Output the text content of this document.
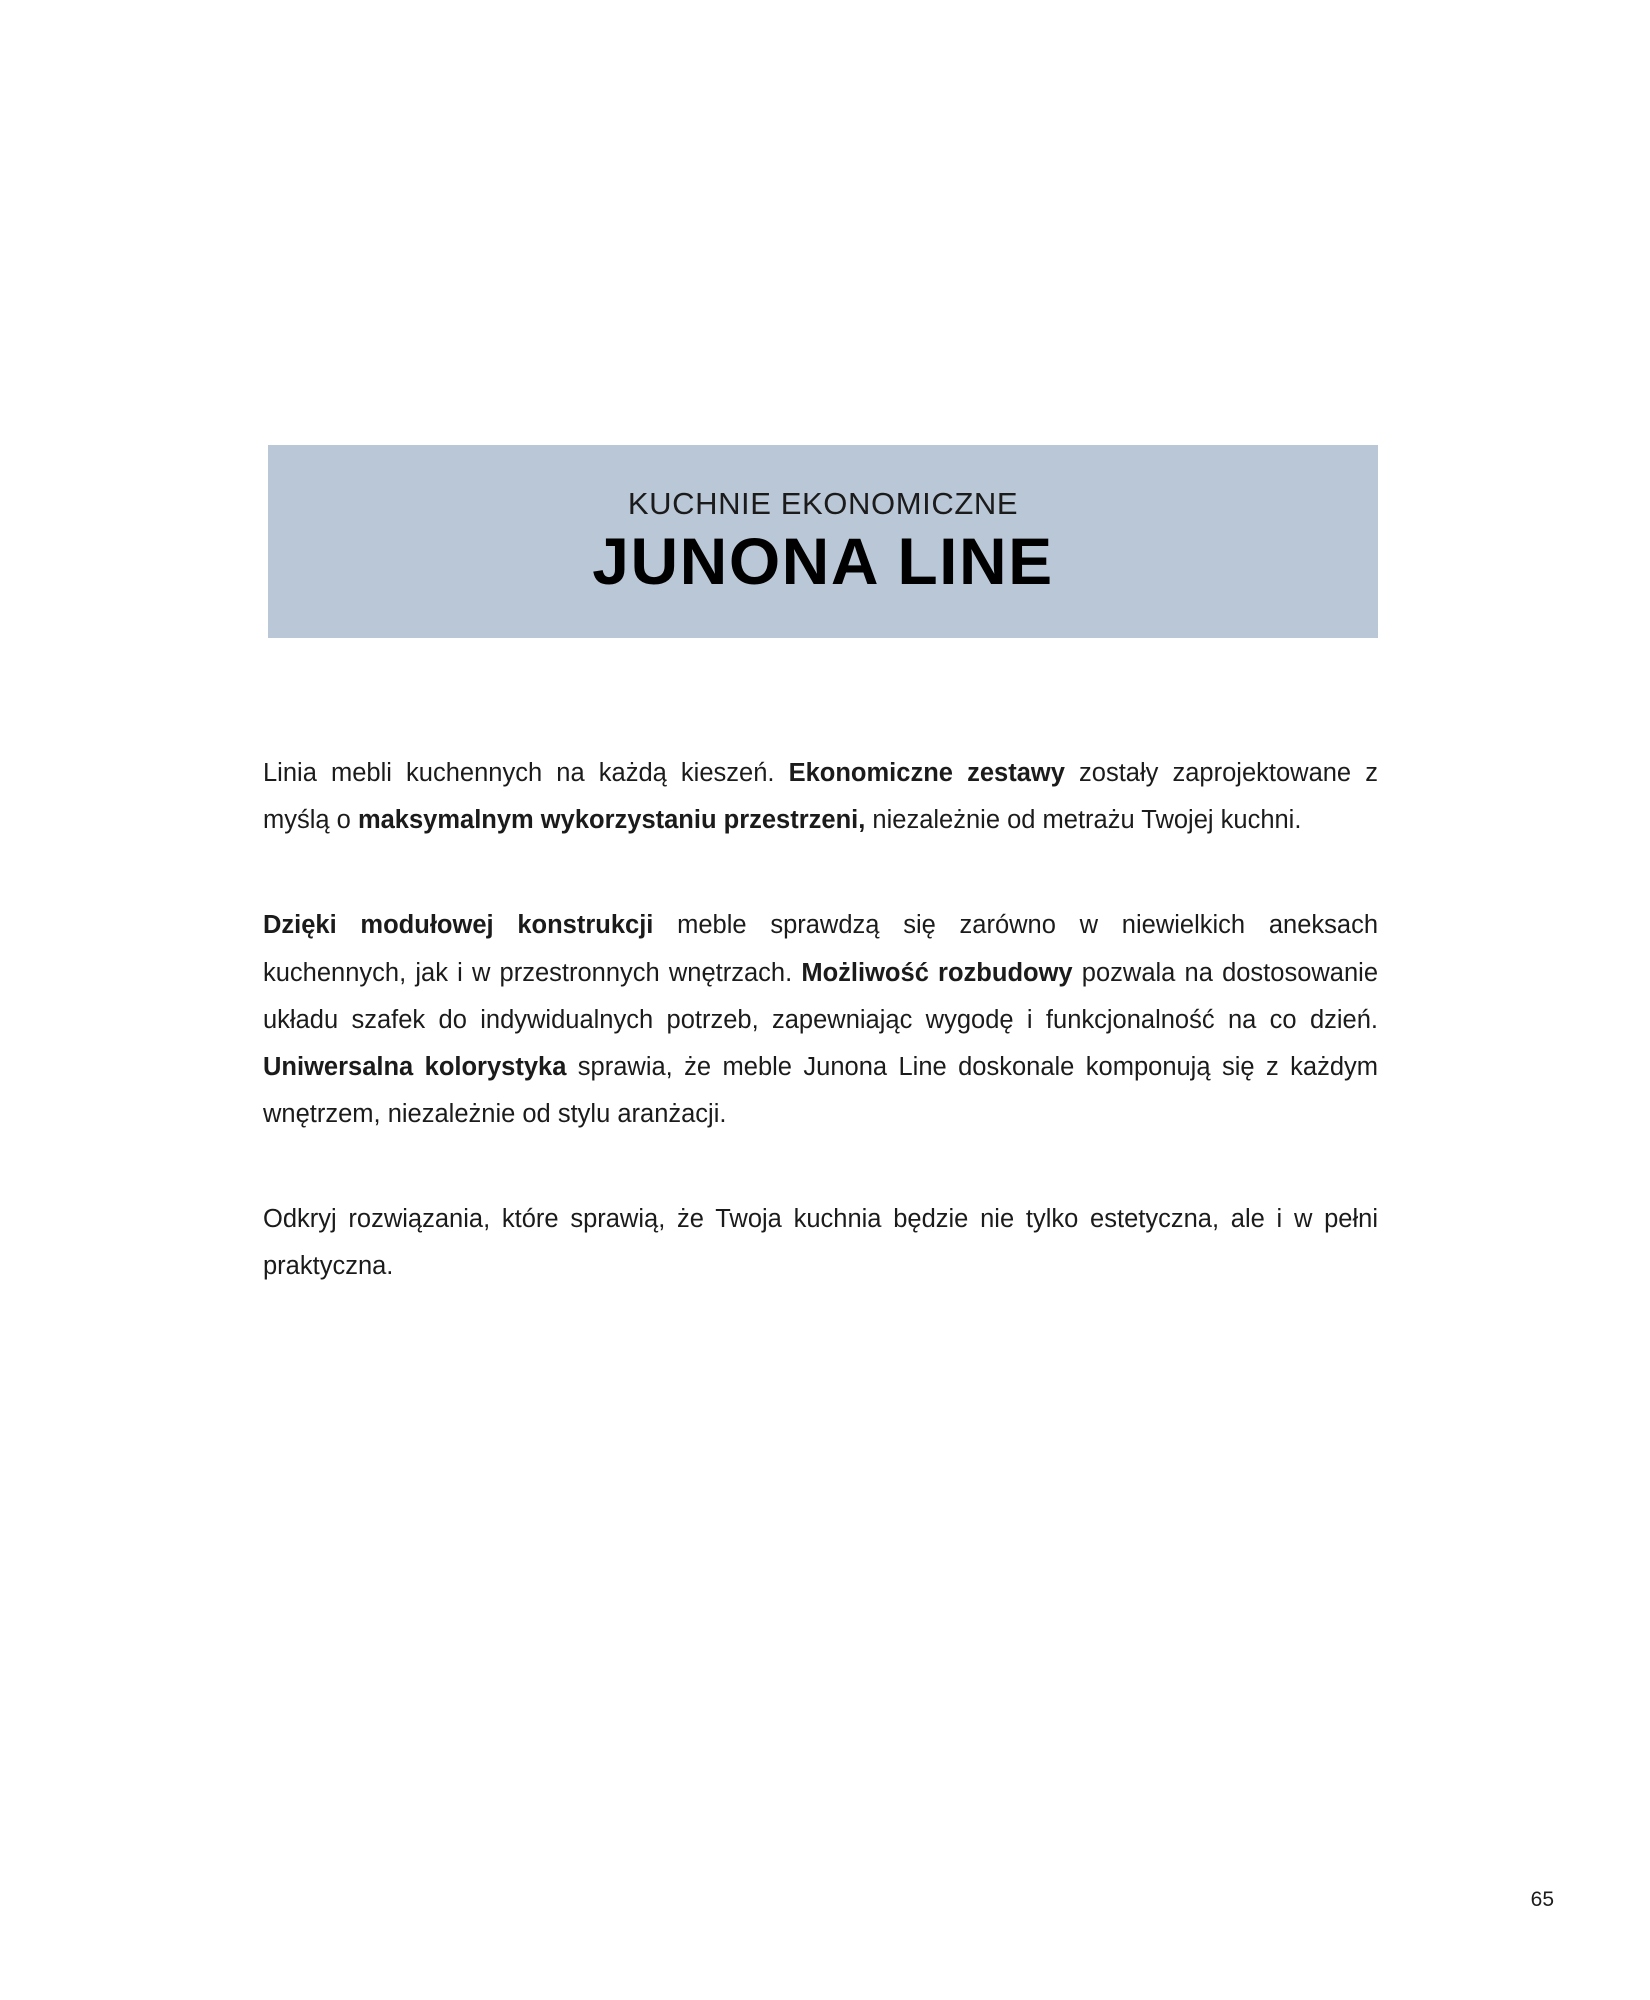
KUCHNIE EKONOMICZNE
JUNONA LINE

Linia mebli kuchennych na każdą kieszeń. Ekonomiczne zestawy zostały zaprojektowane z myślą o maksymalnym wykorzystaniu przestrzeni, niezależnie od metrażu Twojej kuchni.

Dzięki modułowej konstrukcji meble sprawdzą się zarówno w niewielkich aneksach kuchennych, jak i w przestronnych wnętrzach. Możliwość rozbudowy pozwala na dostosowanie układu szafek do indywidualnych potrzeb, zapewniając wygodę i funkcjonalność na co dzień. Uniwersalna kolorystyka sprawia, że meble Junona Line doskonale komponują się z każdym wnętrzem, niezależnie od stylu aranżacji.

Odkryj rozwiązania, które sprawią, że Twoja kuchnia będzie nie tylko estetyczna, ale i w pełni praktyczna.

65
